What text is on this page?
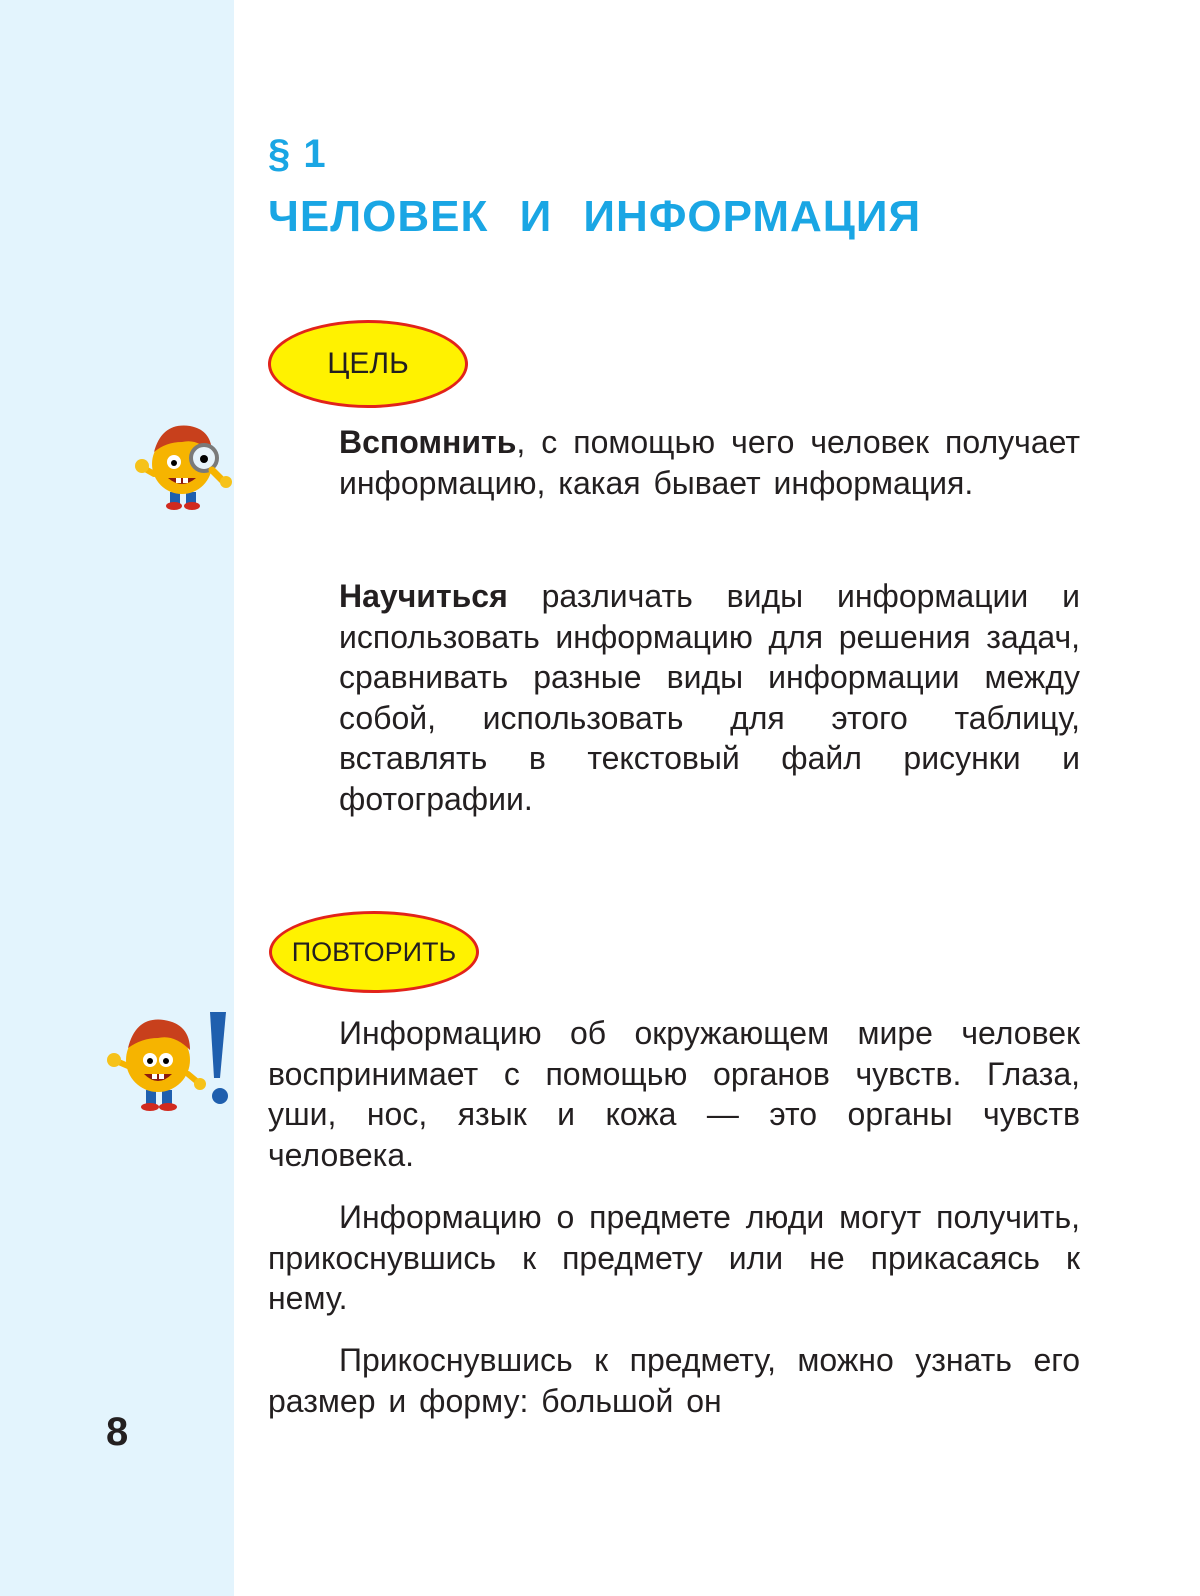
§ 1
ЧЕЛОВЕК И ИНФОРМАЦИЯ
ЦЕЛЬ

Вспомнить, с помощью чего человек получает информацию, какая бывает информация.

Научиться различать виды информации и использовать информацию для решения задач, сравнивать разные виды информации между собой, использовать для этого таблицу, вставлять в текстовый файл рисунки и фотографии.

ПОВТОРИТЬ

Информацию об окружающем мире человек воспринимает с помощью органов чувств. Глаза, уши, нос, язык и кожа — это органы чувств человека.

Информацию о предмете люди могут получить, прикоснувшись к предмету или не прикасаясь к нему.

Прикоснувшись к предмету, можно узнать его размер и форму: большой он

8
